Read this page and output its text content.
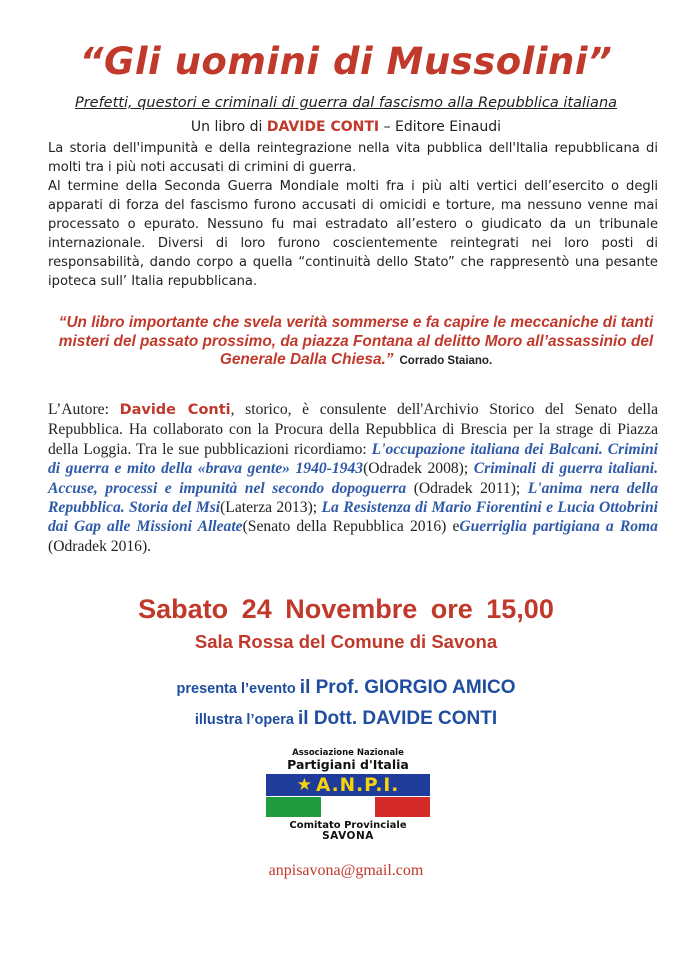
“Gli uomini di Mussolini”
Prefetti, questori e criminali di guerra dal fascismo alla Repubblica italiana
Un libro di DAVIDE CONTI – Editore Einaudi

La storia dell'impunità e della reintegrazione nella vita pubblica dell'Italia repubblicana di molti tra i più noti accusati di crimini di guerra.

Al termine della Seconda Guerra Mondiale molti fra i più alti vertici dell’esercito o degli apparati di forza del fascismo furono accusati di omicidi e torture, ma nessuno venne mai processato o epurato. Nessuno fu mai estradato all’estero o giudicato da un tribunale internazionale. Diversi di loro furono coscientemente reintegrati nei loro posti di responsabilità, dando corpo a quella “continuità dello Stato” che rappresentò una pesante ipoteca sull’ Italia repubblicana.

“Un libro importante che svela verità sommerse e fa capire le meccaniche di tanti misteri del passato prossimo, da piazza Fontana al delitto Moro all’assassinio del Generale Dalla Chiesa.” Corrado Staiano.
L’Autore: Davide Conti, storico, è consulente dell'Archivio Storico del Senato della Repubblica. Ha collaborato con la Procura della Repubblica di Brescia per la strage di Piazza della Loggia. Tra le sue pubblicazioni ricordiamo: L'occupazione italiana dei Balcani. Crimini di guerra e mito della «brava gente» 1940-1943(Odradek 2008); Criminali di guerra italiani. Accuse, processi e impunità nel secondo dopoguerra (Odradek 2011); L'anima nera della Repubblica. Storia del Msi(Laterza 2013); La Resistenza di Mario Fiorentini e Lucia Ottobrini dai Gap alle Missioni Alleate(Senato della Repubblica 2016) eGuerriglia partigiana a Roma (Odradek 2016).
Sabato 24 Novembre ore 15,00
Sala Rossa del Comune di Savona
presenta l’evento il Prof. GIORGIO AMICO
illustra l’opera il Dott. DAVIDE CONTI
Associazione Nazionale
Partigiani d'Italia
★ A.N.P.I.
Comitato Provinciale
SAVONA
anpisavona@gmail.com
